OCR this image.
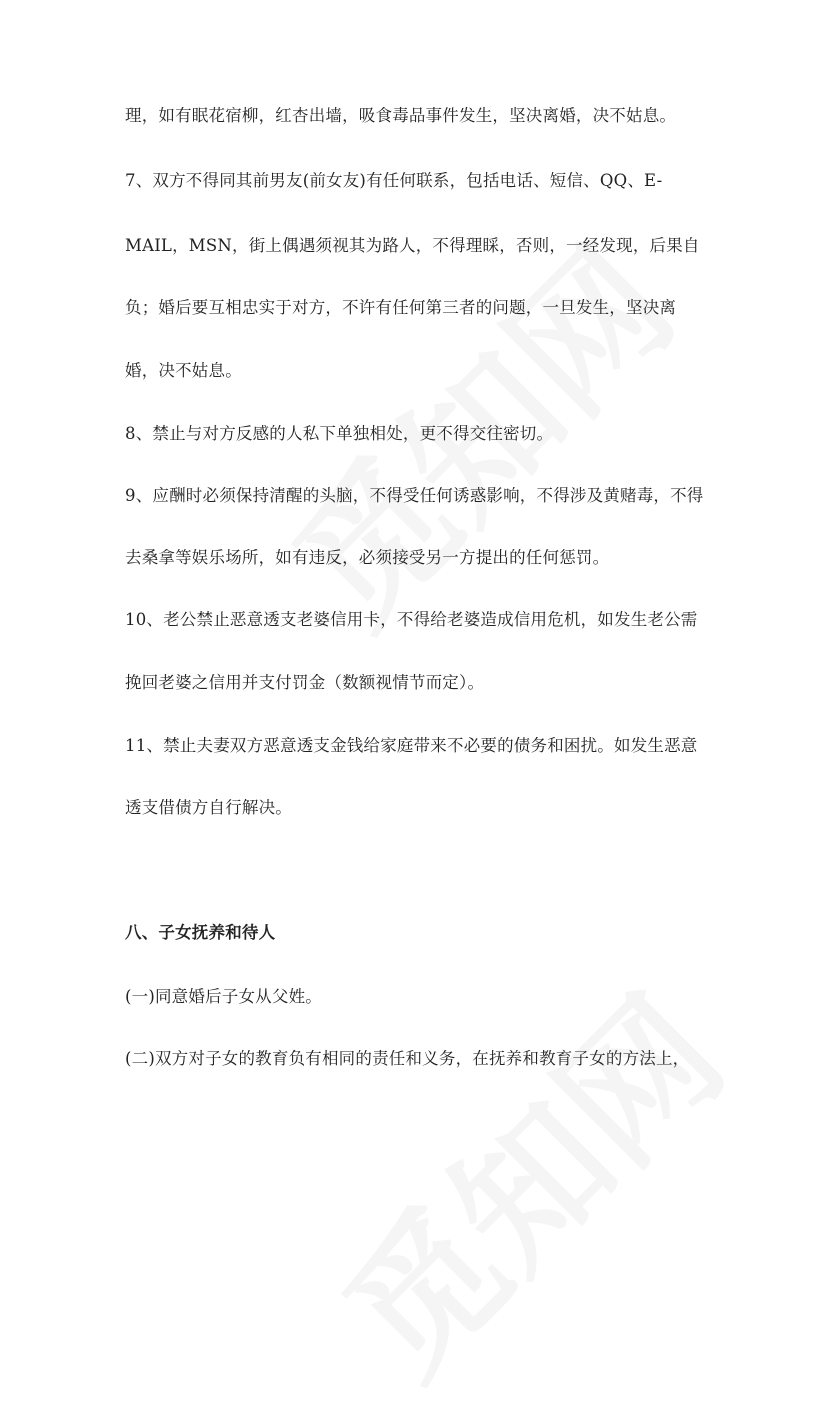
理，如有眠花宿柳，红杏出墙，吸食毒品事件发生，坚决离婚，决不姑息。
7、双方不得同其前男友(前女友)有任何联系，包括电话、短信、QQ、E-
MAIL，MSN，街上偶遇须视其为路人，不得理睬，否则，一经发现，后果自
负；婚后要互相忠实于对方，不许有任何第三者的问题，一旦发生，坚决离
婚，决不姑息。
8、禁止与对方反感的人私下单独相处，更不得交往密切。
9、应酬时必须保持清醒的头脑，不得受任何诱惑影响，不得涉及黄赌毒，不得
去桑拿等娱乐场所，如有违反，必须接受另一方提出的任何惩罚。
10、老公禁止恶意透支老婆信用卡，不得给老婆造成信用危机，如发生老公需
挽回老婆之信用并支付罚金（数额视情节而定）。
11、禁止夫妻双方恶意透支金钱给家庭带来不必要的债务和困扰。如发生恶意
透支借债方自行解决。
八、子女抚养和待人
(一)同意婚后子女从父姓。
(二)双方对子女的教育负有相同的责任和义务，在抚养和教育子女的方法上，
